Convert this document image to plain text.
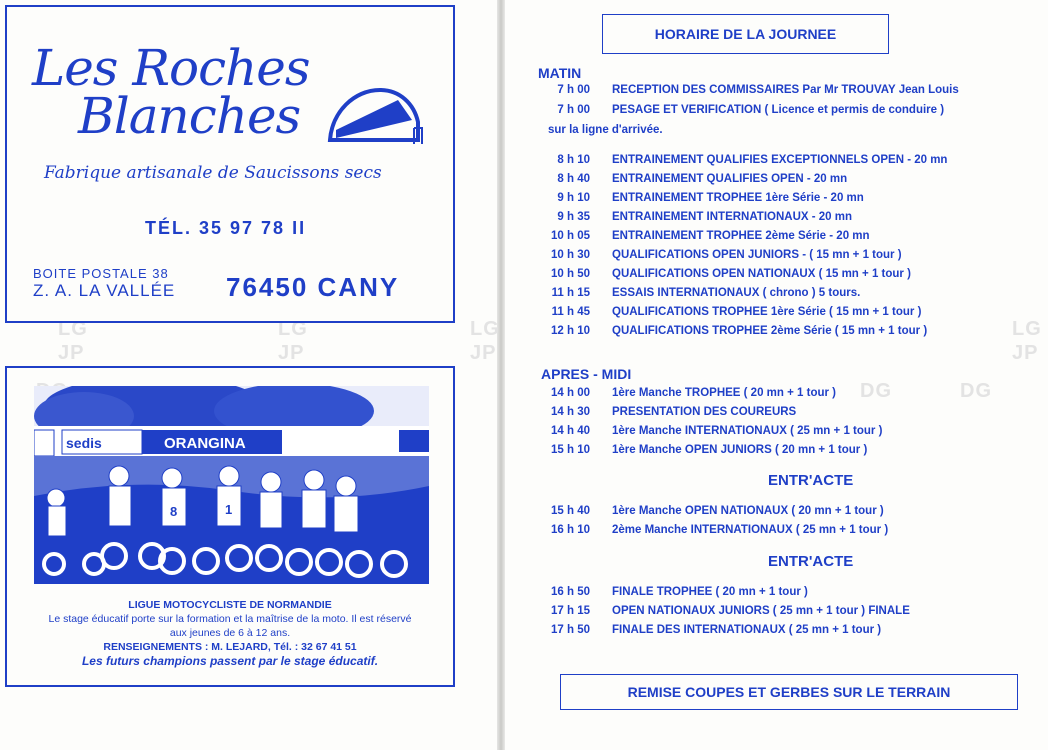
LG
JP
LG
JP
LG
JP
DG	DG
LG
JP
Les Roches
Blanches
Fabrique artisanale de Saucissons secs
TÉL. 35 97 78 II
BOITE POSTALE 38
Z. A. LA VALLÉE 76450 CANY
sedis	ORANGINA
8	1
LIGUE MOTOCYCLISTE DE NORMANDIE
Le stage éducatif porte sur la formation et la maîtrise de la moto. Il est réservé
aux jeunes de 6 à 12 ans.
RENSEIGNEMENTS : M. LEJARD, Tél. : 32 67 41 51
Les futurs champions passent par le stage éducatif.
HORAIRE DE LA JOURNEE
MATIN
7 h 00 RECEPTION DES COMMISSAIRES Par Mr TROUVAY Jean Louis
7 h 00 PESAGE ET VERIFICATION ( Licence et permis de conduire )
sur la ligne d'arrivée.
8 h 10 ENTRAINEMENT QUALIFIES EXCEPTIONNELS OPEN - 20 mn
8 h 40 ENTRAINEMENT QUALIFIES OPEN - 20 mn
9 h 10 ENTRAINEMENT TROPHEE 1ère Série - 20 mn
9 h 35 ENTRAINEMENT INTERNATIONAUX - 20 mn
10 h 05 ENTRAINEMENT TROPHEE 2ème Série - 20 mn
10 h 30 QUALIFICATIONS OPEN JUNIORS - ( 15 mn + 1 tour )
10 h 50 QUALIFICATIONS OPEN NATIONAUX ( 15 mn + 1 tour )
11 h 15 ESSAIS INTERNATIONAUX ( chrono ) 5 tours.
11 h 45 QUALIFICATIONS TROPHEE 1ère Série ( 15 mn + 1 tour )
12 h 10 QUALIFICATIONS TROPHEE 2ème Série ( 15 mn + 1 tour )
APRES - MIDI
14 h 00 1ère Manche TROPHEE ( 20 mn + 1 tour )
14 h 30 PRESENTATION DES COUREURS
14 h 40 1ère Manche INTERNATIONAUX ( 25 mn + 1 tour )
15 h 10 1ère Manche OPEN JUNIORS ( 20 mn + 1 tour )
ENTR'ACTE
15 h 40 1ère Manche OPEN NATIONAUX ( 20 mn + 1 tour )
16 h 10 2ème Manche INTERNATIONAUX ( 25 mn + 1 tour )
ENTR'ACTE
16 h 50 FINALE TROPHEE ( 20 mn + 1 tour )
17 h 15 OPEN NATIONAUX JUNIORS ( 25 mn + 1 tour ) FINALE
17 h 50 FINALE DES INTERNATIONAUX ( 25 mn + 1 tour )
REMISE COUPES ET GERBES SUR LE TERRAIN
